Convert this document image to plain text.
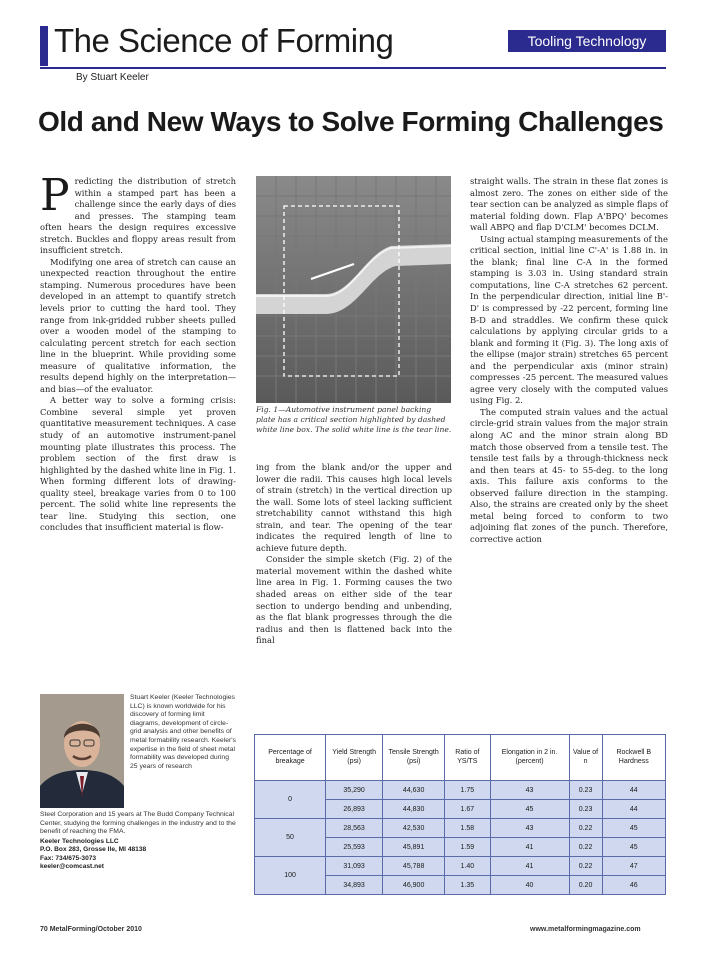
The Science of Forming	Tooling Technology
By Stuart Keeler
Old and New Ways to Solve Forming Challenges
P redicting the distribution of stretch within a stamped part has been a challenge since the early days of dies and presses. The stamping team often hears the design requires excessive stretch. Buckles and floppy areas result from insufficient stretch.

Modifying one area of stretch can cause an unexpected reaction throughout the entire stamping. Numerous procedures have been developed in an attempt to quantify stretch levels prior to cutting the hard tool. They range from ink-gridded rubber sheets pulled over a wooden model of the stamping to calculating percent stretch for each section line in the blueprint. While providing some measure of qualitative information, the results depend highly on the interpretation—and bias—of the evaluator.

A better way to solve a forming crisis: Combine several simple yet proven quantitative measurement techniques. A case study of an automotive instrument-panel mounting plate illustrates this process. The problem section of the first draw is highlighted by the dashed white line in Fig. 1. When forming different lots of drawing-quality steel, breakage varies from 0 to 100 percent. The solid white line represents the tear line. Studying this section, one concludes that insufficient material is flow-

Fig. 1—Automotive instrument panel backing plate has a critical section highlighted by dashed white line box. The solid white line is the tear line.

ing from the blank and/or the upper and lower die radii. This causes high local levels of strain (stretch) in the vertical direction up the wall. Some lots of steel lacking sufficient stretchability cannot withstand this high strain, and tear. The opening of the tear indicates the required length of line to achieve future depth.

Consider the simple sketch (Fig. 2) of the material movement within the dashed white line area in Fig. 1. Forming causes the two shaded areas on either side of the tear section to undergo bending and unbending, as the flat blank progresses through the die radius and then is flattened back into the final

straight walls. The strain in these flat zones is almost zero. The zones on either side of the tear section can be analyzed as simple flaps of material folding down. Flap A'BPQ' becomes wall ABPQ and flap D'CLM' becomes DCLM.

Using actual stamping measurements of the critical section, initial line C'-A' is 1.88 in. in the blank; final line C-A in the formed stamping is 3.03 in. Using standard strain computations, line C-A stretches 62 percent. In the perpendicular direction, initial line B'-D' is compressed by -22 percent, forming line B-D and straddles. We confirm these quick calculations by applying circular grids to a blank and forming it (Fig. 3). The long axis of the ellipse (major strain) stretches 65 percent and the perpendicular axis (minor strain) compresses -25 percent. The measured values agree very closely with the computed values using Fig. 2.

The computed strain values and the actual circle-grid strain values from the major strain along AC and the minor strain along BD match those observed from a tensile test. The tensile test fails by a through-thickness neck and then tears at 45- to 55-deg. to the long axis. This failure axis conforms to the observed failure direction in the stamping. Also, the strains are created only by the sheet metal being forced to conform to two adjoining flat zones of the punch. Therefore, corrective action

Stuart Keeler (Keeler Technologies LLC) is known worldwide for his discovery of forming limit diagrams, development of circle-grid analysis and other benefits of metal formability research. Keeler's expertise in the field of sheet metal formability was developed during 25 years of research
Steel Corporation and 15 years at The Budd Company Technical Center, studying the forming challenges in the industry and to the benefit of reaching the FMA.
Keeler Technologies LLC
P.O. Box 283, Grosse Ile, MI 48138
Fax: 734/675-3073
keeler@comcast.net
Percentage of breakage	Yield Strength (psi)	Tensile Strength (psi)	Ratio of YS/TS	Elongation in 2 in. (percent)	Value of n	Rockwell B Hardness
0	35,290	44,630	1.75	43	0.23	44
	26,893	44,830	1.67	45	0.23	44
50	28,563	42,530	1.58	43	0.22	45
	25,593	45,891	1.59	41	0.22	45
100	31,093	45,788	1.40	41	0.22	47
	34,893	46,900	1.35	40	0.20	46
70 MetalForming/October 2010	www.metalformingmagazine.com
